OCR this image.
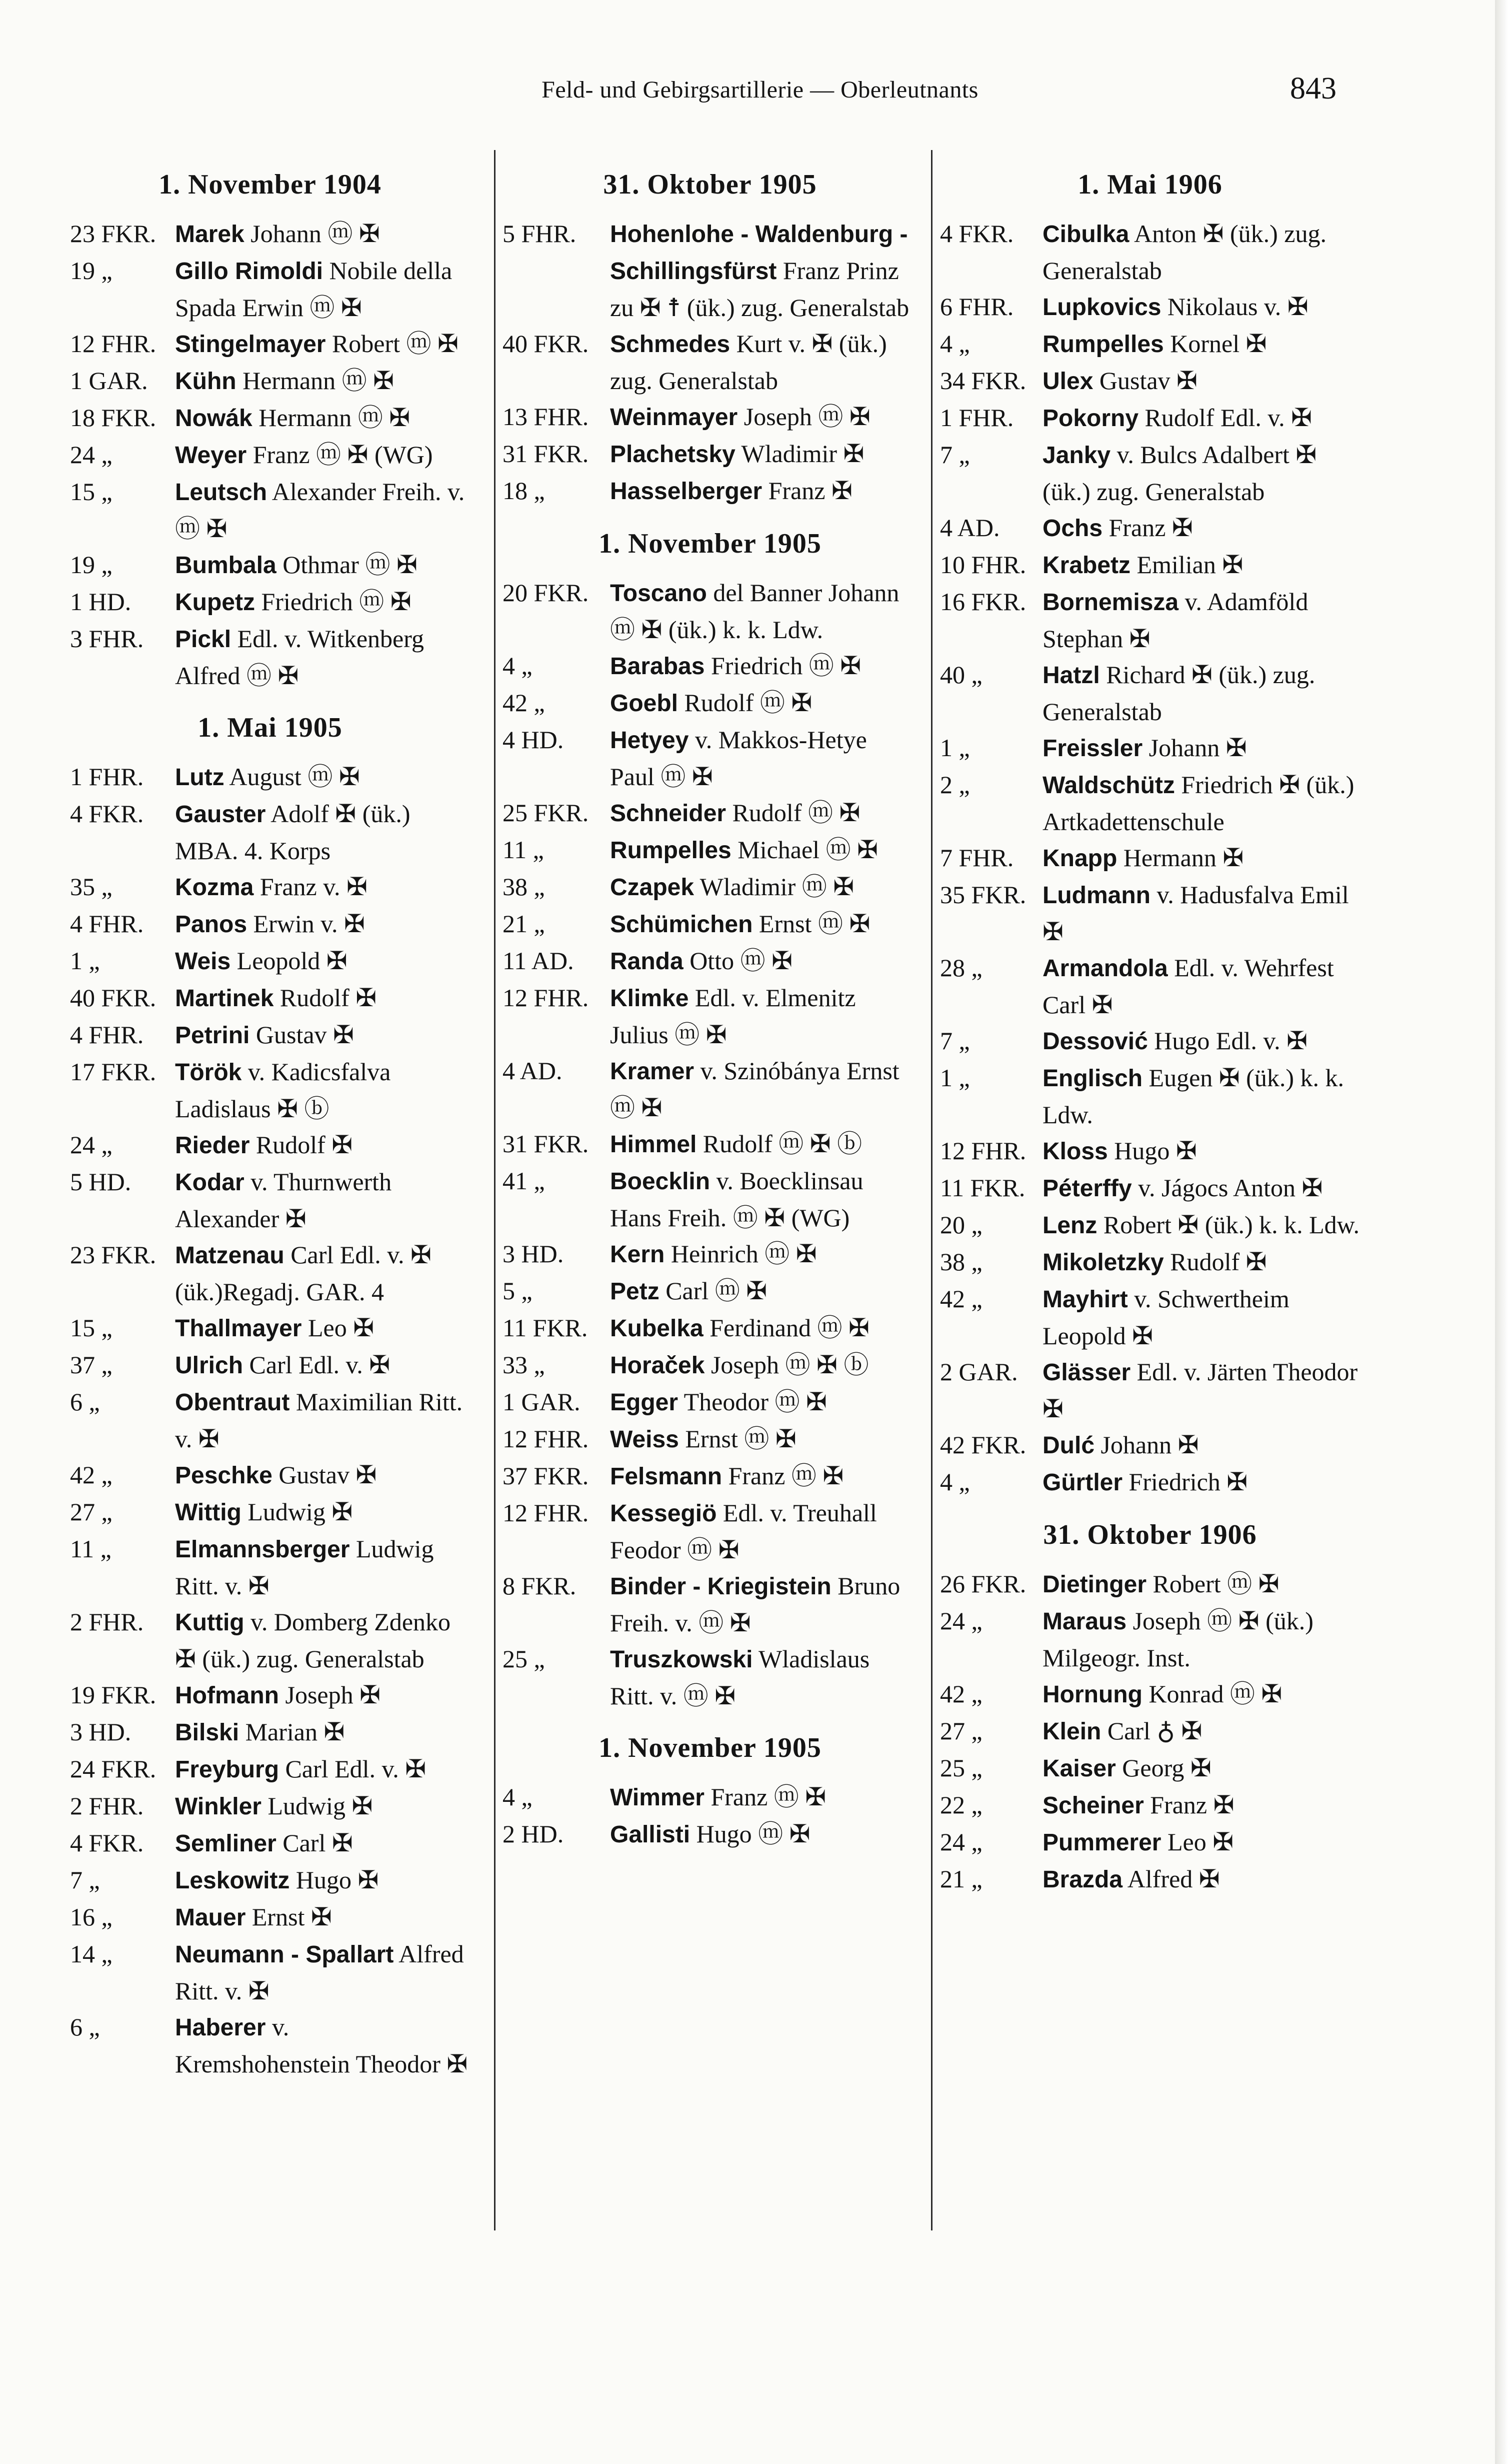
Feld- und Gebirgsartillerie — Oberleutnants	843
1. November 1904
23 FKR. Marek Johann ⓜ ✠
19 „	Gillo Rimoldi Nobile della Spada Erwin ⓜ ✠
12 FHR. Stingelmayer Robert ⓜ ✠
1 GAR.	Kühn Hermann ⓜ ✠
18 FKR. Nowák Hermann ⓜ ✠
24 „	Weyer Franz ⓜ ✠ (WG)
15 „	Leutsch Alexander Freih. v. ⓜ ✠
19 „	Bumbala Othmar ⓜ ✠
1 HD.	Kupetz Friedrich ⓜ ✠
3 FHR.	Pickl Edl. v. Witkenberg Alfred ⓜ ✠
1. Mai 1905
1 FHR.	Lutz August ⓜ ✠
4 FKR.	Gauster Adolf ✠ (ük.) MBA. 4. Korps
35 „	Kozma Franz v. ✠
4 FHR.	Panos Erwin v. ✠
1 „	Weis Leopold ✠
40 FKR. Martinek Rudolf ✠
4 FHR.	Petrini Gustav ✠
17 FKR. Török v. Kadicsfalva Ladislaus ✠ ⓑ
24 „	Rieder Rudolf ✠
5 HD.	Kodar v. Thurnwerth Alexander ✠
23 FKR. Matzenau Carl Edl. v. ✠ (ük.)Regadj. GAR. 4
15 „	Thallmayer Leo ✠
37 „	Ulrich Carl Edl. v. ✠
6 „	Obentraut Maximilian Ritt. v. ✠
42 „	Peschke Gustav ✠
27 „	Wittig Ludwig ✠
11 „	Elmannsberger Ludwig Ritt. v. ✠
2 FHR.	Kuttig v. Domberg Zdenko ✠ (ük.) zug. Generalstab
19 FKR. Hofmann Joseph ✠
3 HD.	Bilski Marian ✠
24 FKR. Freyburg Carl Edl. v. ✠
2 FHR.	Winkler Ludwig ✠
4 FKR.	Semliner Carl ✠
7 „	Leskowitz Hugo ✠
16 „	Mauer Ernst ✠
14 „	Neumann - Spallart Alfred Ritt. v. ✠
6 „	Haberer v. Kremshohenstein Theodor ✠
31. Oktober 1905
5 FHR.	Hohenlohe - Waldenburg - Schillingsfürst Franz Prinz zu ✠ ☨ (ük.) zug. Generalstab
40 FKR. Schmedes Kurt v. ✠ (ük.) zug. Generalstab
13 FHR. Weinmayer Joseph ⓜ ✠
31 FKR. Plachetsky Wladimir ✠
18 „	Hasselberger Franz ✠
1. November 1905
20 FKR. Toscano del Banner Johann ⓜ ✠ (ük.) k. k. Ldw.
4 „	Barabas Friedrich ⓜ ✠
42 „	Goebl Rudolf ⓜ ✠
4 HD.	Hetyey v. Makkos-Hetye Paul ⓜ ✠
25 FKR. Schneider Rudolf ⓜ ✠
11 „	Rumpelles Michael ⓜ ✠
38 „	Czapek Wladimir ⓜ ✠
21 „	Schümichen Ernst ⓜ ✠
11 AD.	Randa Otto ⓜ ✠
12 FHR. Klimke Edl. v. Elmenitz Julius ⓜ ✠
4 AD.	Kramer v. Szinóbánya Ernst ⓜ ✠
31 FKR. Himmel Rudolf ⓜ ✠ ⓑ
41 „	Boecklin v. Boecklinsau Hans Freih. ⓜ ✠ (WG)
3 HD.	Kern Heinrich ⓜ ✠
5 „	Petz Carl ⓜ ✠
11 FKR. Kubelka Ferdinand ⓜ ✠
33 „	Horaček Joseph ⓜ ✠ ⓑ
1 GAR.	Egger Theodor ⓜ ✠
12 FHR. Weiss Ernst ⓜ ✠
37 FKR. Felsmann Franz ⓜ ✠
12 FHR. Kessegiö Edl. v. Treuhall Feodor ⓜ ✠
8 FKR.	Binder - Kriegistein Bruno Freih. v. ⓜ ✠
25 „	Truszkowski Wladislaus Ritt. v. ⓜ ✠
1. November 1905
4 „	Wimmer Franz ⓜ ✠
2 HD.	Gallisti Hugo ⓜ ✠
1. Mai 1906
4 FKR.	Cibulka Anton ✠ (ük.) zug. Generalstab
6 FHR.	Lupkovics Nikolaus v. ✠
4 „	Rumpelles Kornel ✠
34 FKR. Ulex Gustav ✠
1 FHR.	Pokorny Rudolf Edl. v. ✠
7 „	Janky v. Bulcs Adalbert ✠ (ük.) zug. Generalstab
4 AD.	Ochs Franz ✠
10 FHR. Krabetz Emilian ✠
16 FKR. Bornemisza v. Adamföld Stephan ✠
40 „	Hatzl Richard ✠ (ük.) zug. Generalstab
1 „	Freissler Johann ✠
2 „	Waldschütz Friedrich ✠ (ük.) Artkadettenschule
7 FHR.	Knapp Hermann ✠
35 FKR. Ludmann v. Hadusfalva Emil ✠
28 „	Armandola Edl. v. Wehrfest Carl ✠
7 „	Dessović Hugo Edl. v. ✠
1 „	Englisch Eugen ✠ (ük.) k. k. Ldw.
12 FHR. Kloss Hugo ✠
11 FKR. Péterffy v. Jágocs Anton ✠
20 „	Lenz Robert ✠ (ük.) k. k. Ldw.
38 „	Mikoletzky Rudolf ✠
42 „	Mayhirt v. Schwertheim Leopold ✠
2 GAR.	Glässer Edl. v. Järten Theodor ✠
42 FKR. Dulć Johann ✠
4 „	Gürtler Friedrich ✠
31. Oktober 1906
26 FKR. Dietinger Robert ⓜ ✠
24 „	Maraus Joseph ⓜ ✠ (ük.) Milgeogr. Inst.
42 „	Hornung Konrad ⓜ ✠
27 „	Klein Carl ♁ ✠
25 „	Kaiser Georg ✠
22 „	Scheiner Franz ✠
24 „	Pummerer Leo ✠
21 „	Brazda Alfred ✠
